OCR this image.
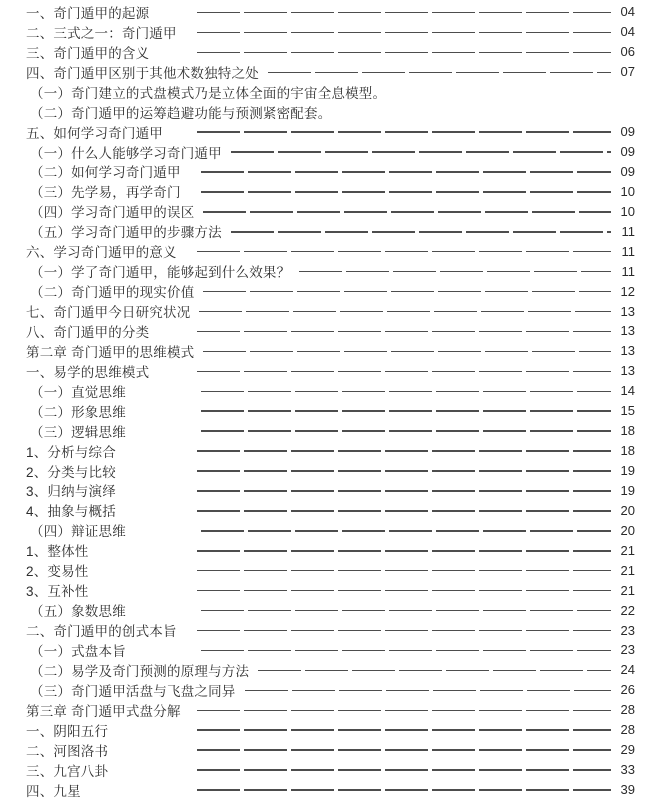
一、奇门遁甲的起源	04
二、三式之一：奇门遁甲	04
三、奇门遁甲的含义	06
四、奇门遁甲区别于其他术数独特之处	07
（一）奇门建立的式盘模式乃是立体全面的宇宙全息模型。
（二）奇门遁甲的运筹趋避功能与预测紧密配套。
五、如何学习奇门遁甲	09
（一）什么人能够学习奇门遁甲	09
（二）如何学习奇门遁甲	09
（三）先学易，再学奇门	10
（四）学习奇门遁甲的误区	10
（五）学习奇门遁甲的步骤方法	11
六、学习奇门遁甲的意义	11
（一）学了奇门遁甲，能够起到什么效果？	11
（二）奇门遁甲的现实价值	12
七、奇门遁甲今日研究状况	13
八、奇门遁甲的分类	13
第二章 奇门遁甲的思维模式	13
一、易学的思维模式	13
（一）直觉思维	14
（二）形象思维	15
（三）逻辑思维	18
1、分析与综合	18
2、分类与比较	19
3、归纳与演绎	19
4、抽象与概括	20
（四）辩证思维	20
1、整体性	21
2、变易性	21
3、互补性	21
（五）象数思维	22
二、奇门遁甲的创式本旨	23
（一）式盘本旨	23
（二）易学及奇门预测的原理与方法	24
（三）奇门遁甲活盘与飞盘之同异	26
第三章 奇门遁甲式盘分解	28
一、阴阳五行	28
二、河图洛书	29
三、九宫八卦	33
四、九星	39
